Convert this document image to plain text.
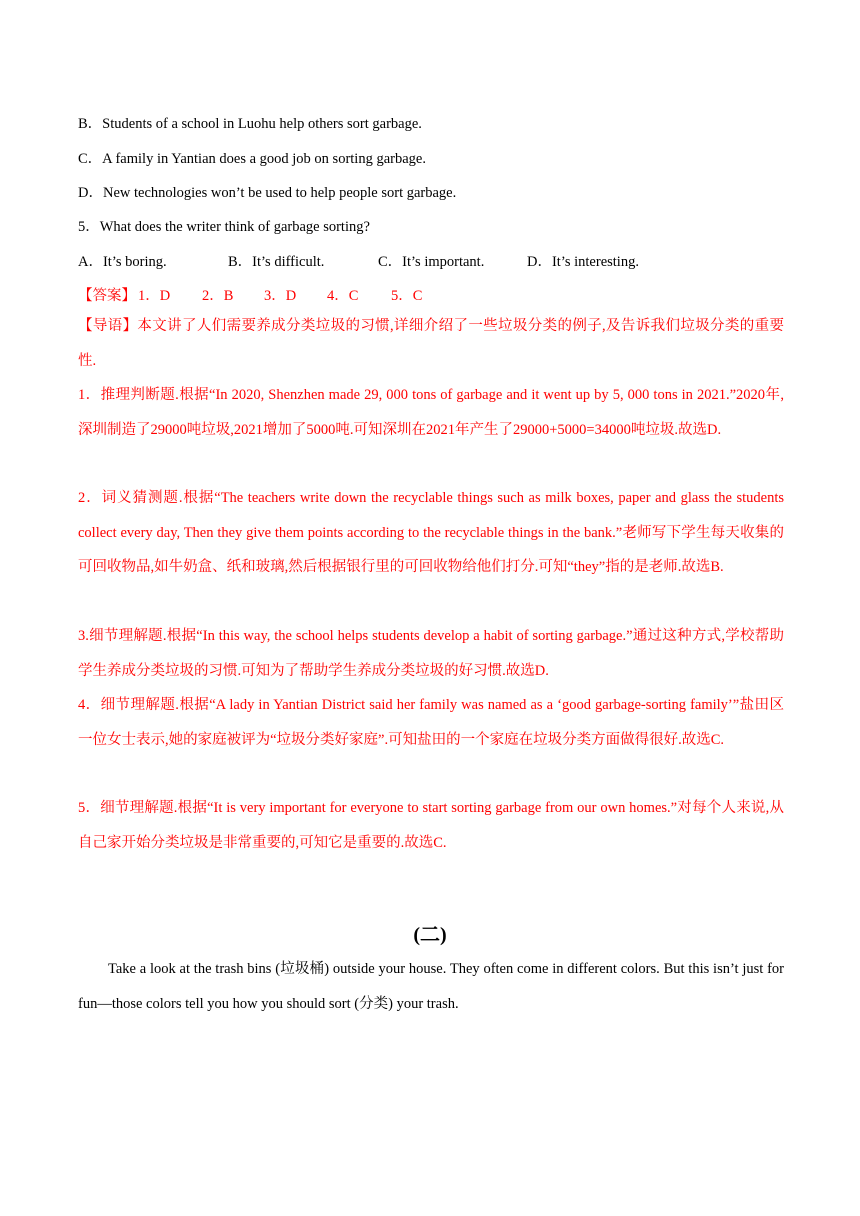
B．Students of a school in Luohu help others sort garbage.
C．A family in Yantian does a good job on sorting garbage.
D．New technologies won’t be used to help people sort garbage.
5．What does the writer think of garbage sorting?
A．It’s boring.	B．It’s difficult.	C．It’s important.	D．It’s interesting.
【答案】 1．D 2．B 3．D 4．C 5．C
【导语】本文讲了人们需要养成分类垃圾的习惯,详细介绍了一些垃圾分类的例子,及告诉我们垃圾分类的重要性.
1．推理判断题.根据“In 2020, Shenzhen made 29, 000 tons of garbage and it went up by 5, 000 tons in 2021.”2020年,深圳制造了29000吨垃圾,2021增加了5000吨.可知深圳在2021年产生了29000+5000=34000吨垃圾.故选D.
2．词义猜测题.根据“The teachers write down the recyclable things such as milk boxes, paper and glass the students collect every day, Then they give them points according to the recyclable things in the bank.”老师写下学生每天收集的可回收物品,如牛奶盒、纸和玻璃,然后根据银行里的可回收物给他们打分.可知“they”指的是老师.故选B.
3.细节理解题.根据“In this way, the school helps students develop a habit of sorting garbage.”通过这种方式,学校帮助学生养成分类垃圾的习惯.可知为了帮助学生养成分类垃圾的好习惯.故选D.
4．细节理解题.根据“A lady in Yantian District said her family was named as a ‘good garbage-sorting family’”盐田区一位女士表示,她的家庭被评为“垃圾分类好家庭”.可知盐田的一个家庭在垃圾分类方面做得很好.故选C.
5．细节理解题.根据“It is very important for everyone to start sorting garbage from our own homes.”对每个人来说,从自己家开始分类垃圾是非常重要的,可知它是重要的.故选C.
(二)
Take a look at the trash bins (垃圾桶) outside your house. They often come in different colors. But this isn’t just for fun—those colors tell you how you should sort (分类) your trash.
